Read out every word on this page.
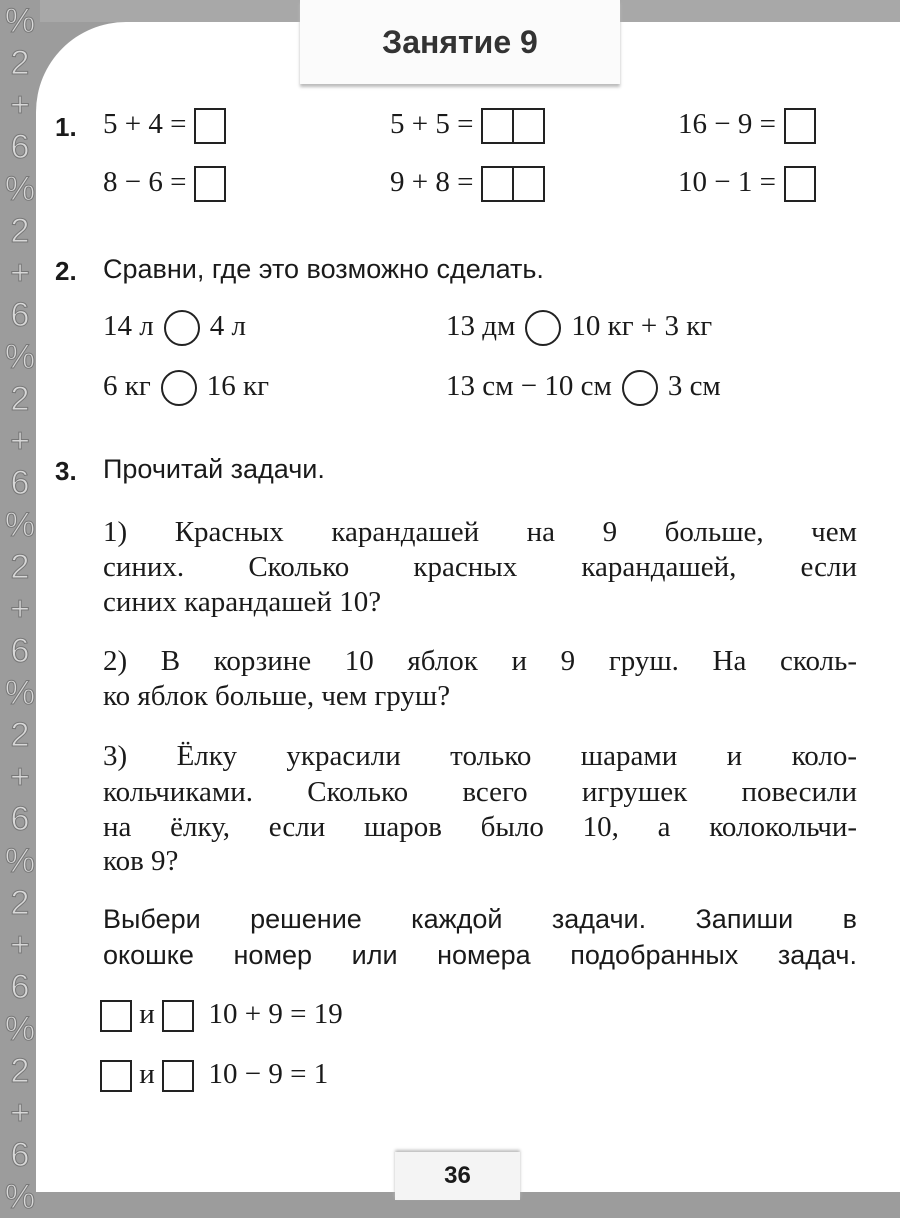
%
2
+
6
%
2
+
6
%
2
+
6
%
2
+
6
%
2
+
6
%
2
+
6
%
2
+
6
%
Занятие 9
1. 5 + 4 =	5 + 5 =	16 − 9 =
8 − 6 =	9 + 8 =	10 − 1 =
2. Сравни, где это возможно сделать.
14 л 4 л	13 дм 10 кг + 3 кг
6 кг 16 кг	13 см − 10 см 3 см
3. Прочитай задачи.
1) Красных карандашей на 9 больше, чем
синих. Сколько красных карандашей, если
синих карандашей 10?
2) В корзине 10 яблок и 9 груш. На сколь-
ко яблок больше, чем груш?
3) Ёлку украсили только шарами и коло-
кольчиками. Сколько всего игрушек повесили
на ёлку, если шаров было 10, а колокольчи-
ков 9?
Выбери решение каждой задачи. Запиши в
окошке номер или номера подобранных задач.
и 10 + 9 = 19
и 10 − 9 = 1
36
